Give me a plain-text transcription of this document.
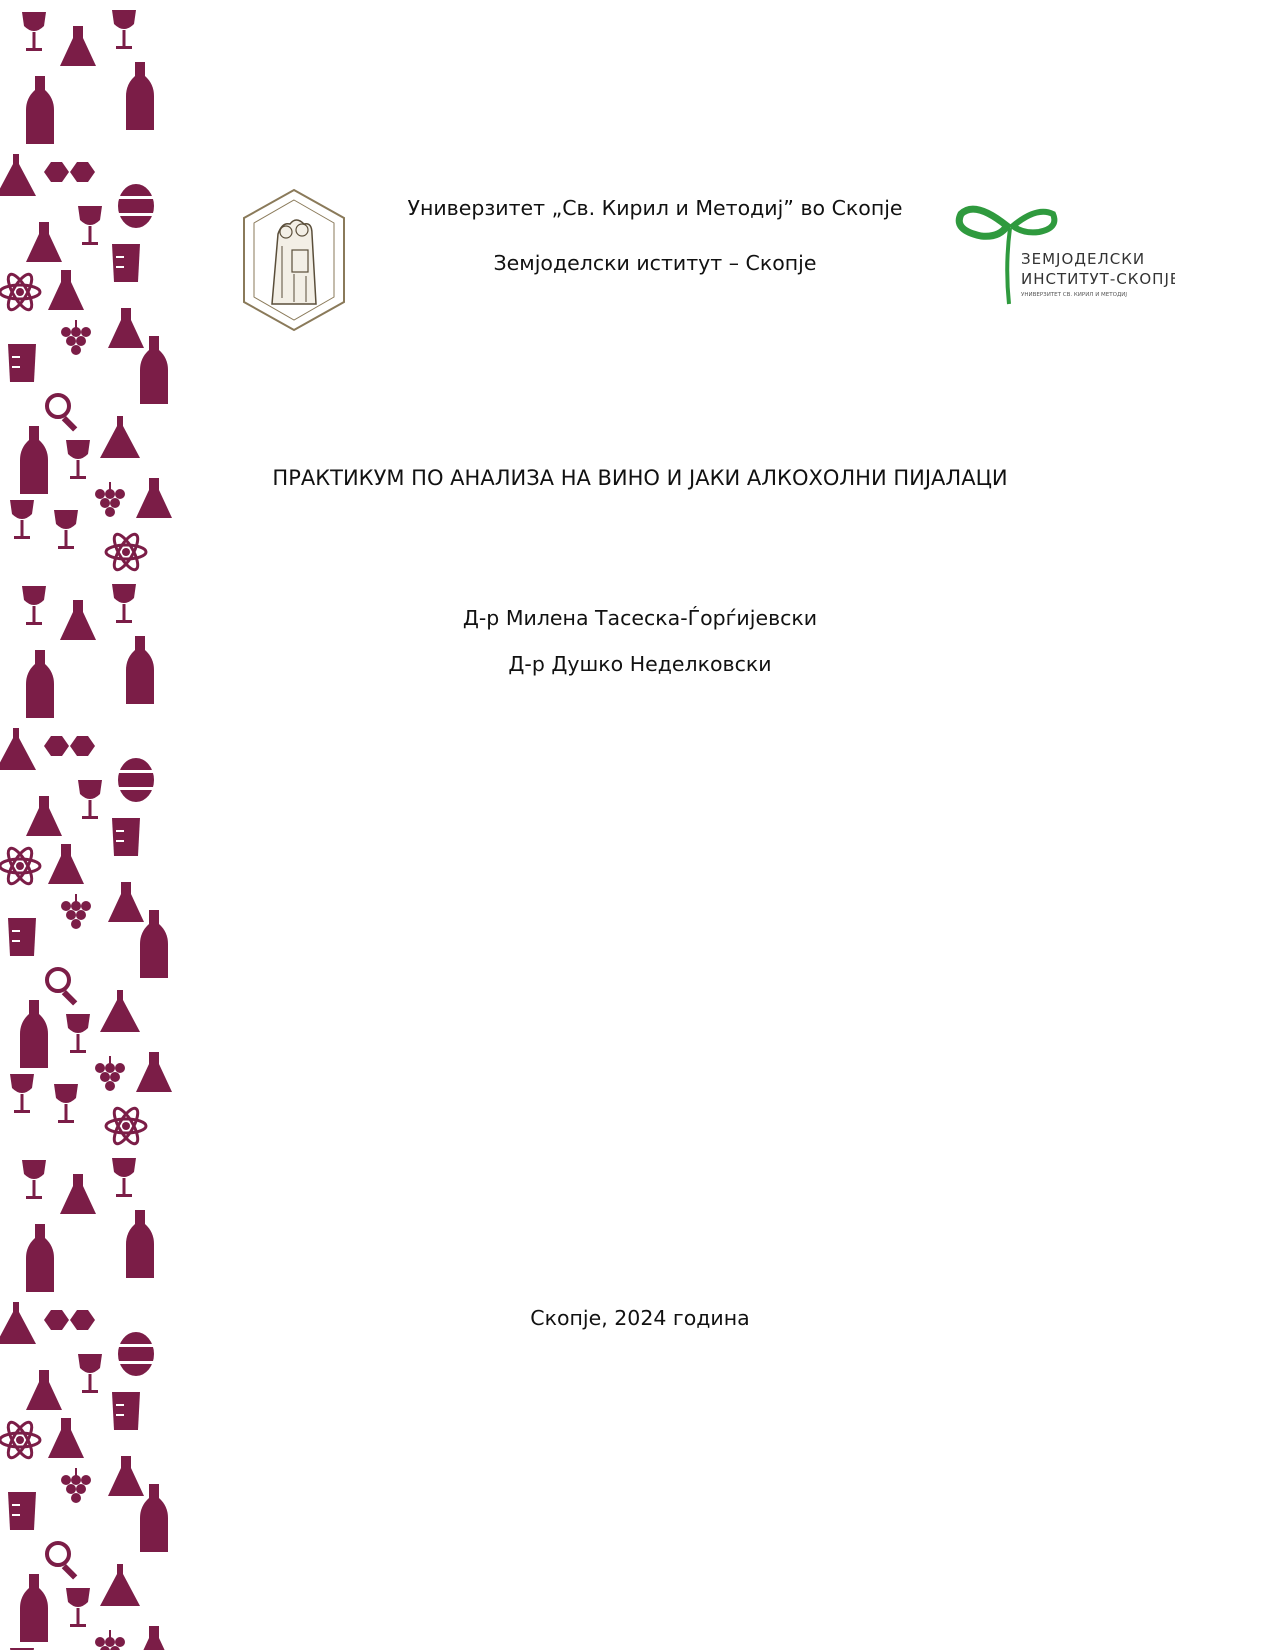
ЗЕМЈОДЕЛСКИ
ИНСТИТУТ-СКОПЈЕ
УНИВЕРЗИТЕТ СВ. КИРИЛ И МЕТОДИЈ
Универзитет „Св. Кирил и Методиј” во Скопје
Земјоделски иститут – Скопје
ПРАКТИКУМ ПО АНАЛИЗА НА ВИНО И ЈАКИ АЛКОХОЛНИ ПИЈАЛАЦИ
Д-р Милена Тасеска-Ѓорѓијевски
Д-р Душко Неделковски
Скопје, 2024 година
